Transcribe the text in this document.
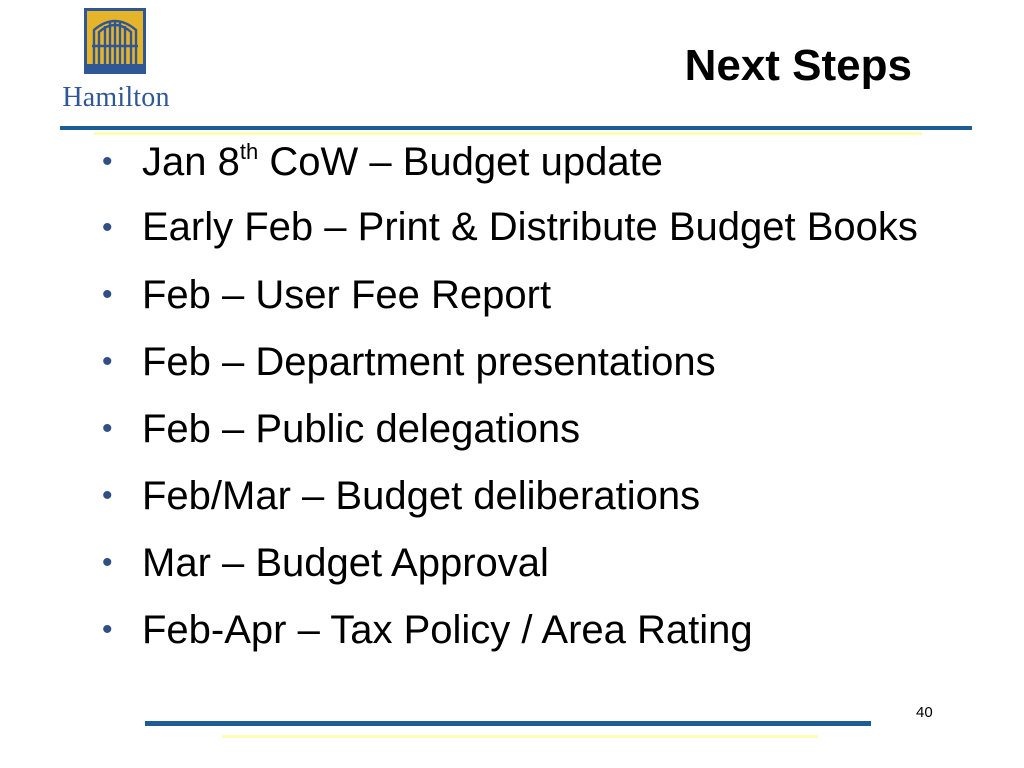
Hamilton
Next Steps
• Jan 8th CoW – Budget update
• Early Feb – Print & Distribute Budget Books
• Feb – User Fee Report
• Feb – Department presentations
• Feb – Public delegations
• Feb/Mar – Budget deliberations
• Mar – Budget Approval
• Feb-Apr – Tax Policy / Area Rating
40
